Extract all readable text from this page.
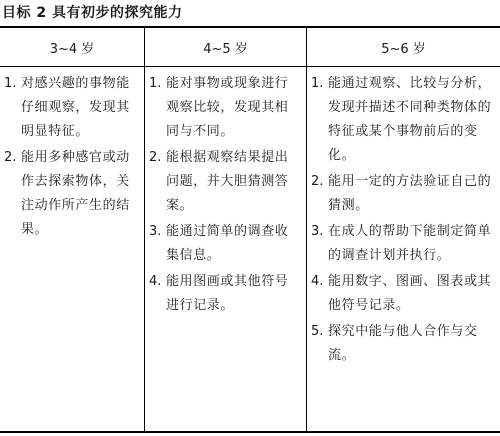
目标 2 具有初步的探究能力
3~4 岁	4~5 岁	5~6 岁
1. 对感兴趣的事物能仔细观察，发现其明显特征。
2. 能用多种感官或动作去探索物体，关注动作所产生的结果。
1. 能对事物或现象进行观察比较，发现其相同与不同。
2. 能根据观察结果提出问题，并大胆猜测答案。
3. 能通过简单的调查收集信息。
4. 能用图画或其他符号进行记录。
1. 能通过观察、比较与分析，发现并描述不同种类物体的特征或某个事物前后的变化。
2. 能用一定的方法验证自己的猜测。
3. 在成人的帮助下能制定简单的调查计划并执行。
4. 能用数字、图画、图表或其他符号记录。
5. 探究中能与他人合作与交流。
